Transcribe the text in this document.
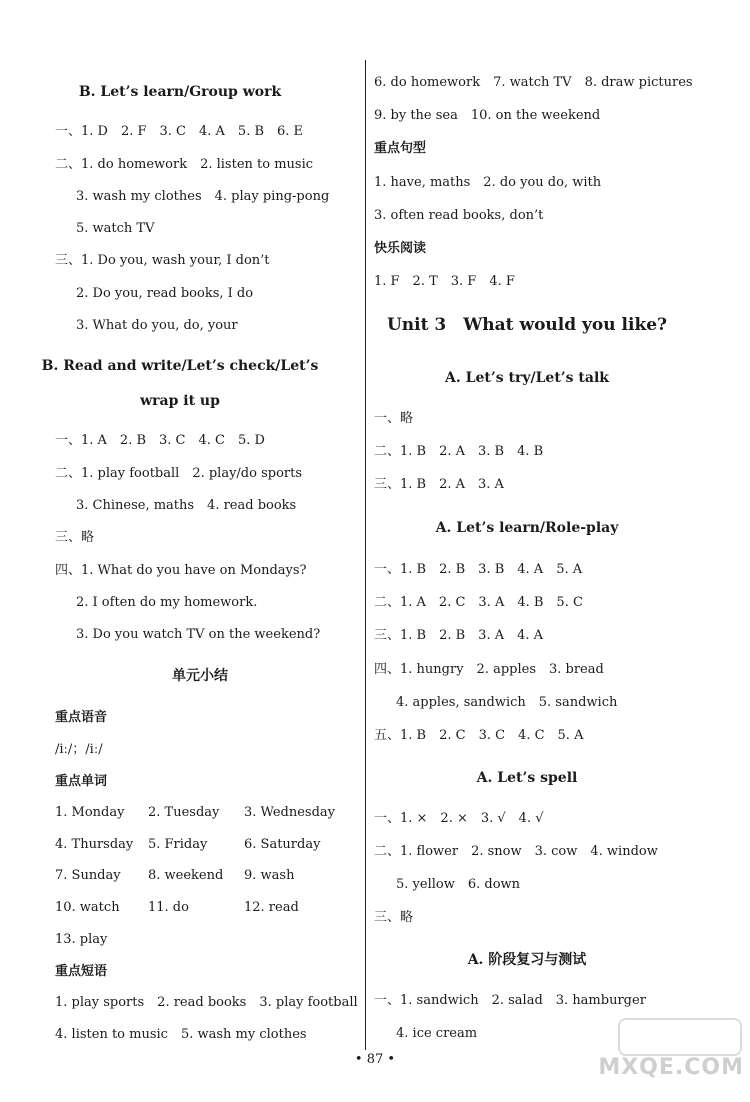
B. Let’s learn/Group work
一、1. D　2. F　3. C　4. A　5. B　6. E
二、1. do homework　2. listen to music
3. wash my clothes　4. play ping-pong
5. watch TV
三、1. Do you, wash your, I don’t
2. Do you, read books, I do
3. What do you, do, your
B. Read and write/Let’s check/Let’s
wrap it up
一、1. A　2. B　3. C　4. C　5. D
二、1. play football　2. play/do sports
3. Chinese, maths　4. read books
三、略
四、1. What do you have on Mondays?
2. I often do my homework.
3. Do you watch TV on the weekend?
单元小结
重点语音
/iː/；/iː/
重点单词
1. Monday 2. Tuesday 3. Wednesday
4. Thursday 5. Friday	6. Saturday
7. Sunday 8. weekend 9. wash
10. watch 11. do	12. read
13. play
重点短语
1. play sports　2. read books　3. play football
4. listen to music　5. wash my clothes
6. do homework　7. watch TV　8. draw pictures
9. by the sea　10. on the weekend
重点句型
1. have, maths　2. do you do, with
3. often read books, don’t
快乐阅读
1. F　2. T　3. F　4. F
Unit 3　What would you like?
A. Let’s try/Let’s talk
一、略
二、1. B　2. A　3. B　4. B
三、1. B　2. A　3. A
A. Let’s learn/Role-play
一、1. B　2. B　3. B　4. A　5. A
二、1. A　2. C　3. A　4. B　5. C
三、1. B　2. B　3. A　4. A
四、1. hungry　2. apples　3. bread
4. apples, sandwich　5. sandwich
五、1. B　2. C　3. C　4. C　5. A
A. Let’s spell
一、1. ×　2. ×　3. √　4. √
二、1. flower　2. snow　3. cow　4. window
5. yellow　6. down
三、略
A. 阶段复习与测试
一、1. sandwich　2. salad　3. hamburger
4. ice cream
• 87 •	MXQE.COM
